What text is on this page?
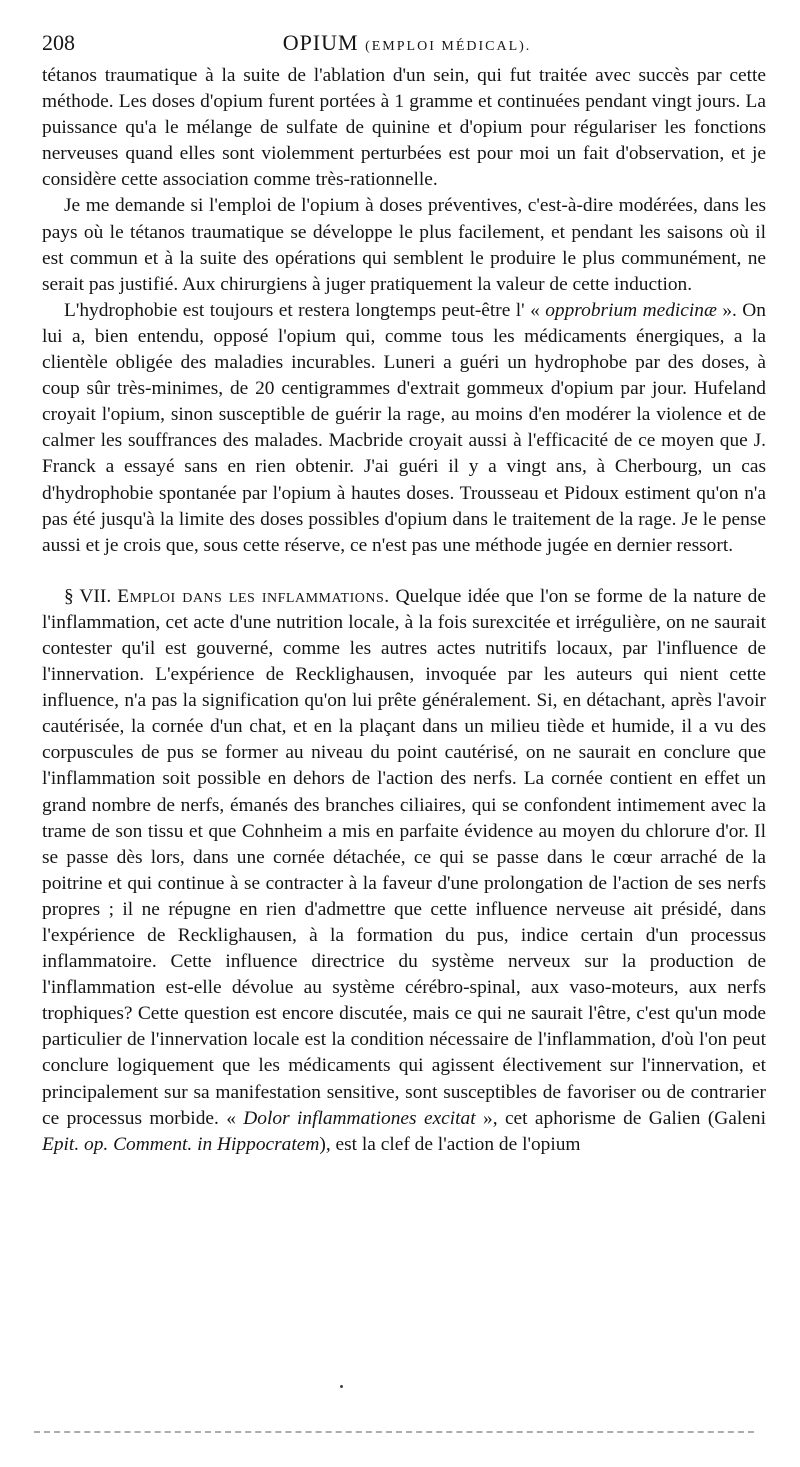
208	OPIUM (EMPLOI MÉDICAL).

tétanos traumatique à la suite de l'ablation d'un sein, qui fut traitée avec succès par cette méthode. Les doses d'opium furent portées à 1 gramme et continuées pendant vingt jours. La puissance qu'a le mélange de sulfate de quinine et d'opium pour régulariser les fonctions nerveuses quand elles sont violemment perturbées est pour moi un fait d'observation, et je considère cette association comme très-rationnelle.

Je me demande si l'emploi de l'opium à doses préventives, c'est-à-dire modérées, dans les pays où le tétanos traumatique se développe le plus facilement, et pendant les saisons où il est commun et à la suite des opérations qui semblent le produire le plus communément, ne serait pas justifié. Aux chirurgiens à juger pratiquement la valeur de cette induction.

L'hydrophobie est toujours et restera longtemps peut-être l' « opprobrium medicinæ ». On lui a, bien entendu, opposé l'opium qui, comme tous les médicaments énergiques, a la clientèle obligée des maladies incurables. Luneri a guéri un hydrophobe par des doses, à coup sûr très-minimes, de 20 centigrammes d'extrait gommeux d'opium par jour. Hufeland croyait l'opium, sinon susceptible de guérir la rage, au moins d'en modérer la violence et de calmer les souffrances des malades. Macbride croyait aussi à l'efficacité de ce moyen que J. Franck a essayé sans en rien obtenir. J'ai guéri il y a vingt ans, à Cherbourg, un cas d'hydrophobie spontanée par l'opium à hautes doses. Trousseau et Pidoux estiment qu'on n'a pas été jusqu'à la limite des doses possibles d'opium dans le traitement de la rage. Je le pense aussi et je crois que, sous cette réserve, ce n'est pas une méthode jugée en dernier ressort.

§ VII. Emploi dans les inflammations. Quelque idée que l'on se forme de la nature de l'inflammation, cet acte d'une nutrition locale, à la fois surexcitée et irrégulière, on ne saurait contester qu'il est gouverné, comme les autres actes nutritifs locaux, par l'influence de l'innervation. L'expérience de Recklighausen, invoquée par les auteurs qui nient cette influence, n'a pas la signification qu'on lui prête généralement. Si, en détachant, après l'avoir cautérisée, la cornée d'un chat, et en la plaçant dans un milieu tiède et humide, il a vu des corpuscules de pus se former au niveau du point cautérisé, on ne saurait en conclure que l'inflammation soit possible en dehors de l'action des nerfs. La cornée contient en effet un grand nombre de nerfs, émanés des branches ciliaires, qui se confondent intimement avec la trame de son tissu et que Cohnheim a mis en parfaite évidence au moyen du chlorure d'or. Il se passe dès lors, dans une cornée détachée, ce qui se passe dans le cœur arraché de la poitrine et qui continue à se contracter à la faveur d'une prolongation de l'action de ses nerfs propres ; il ne répugne en rien d'admettre que cette influence nerveuse ait présidé, dans l'expérience de Recklighausen, à la formation du pus, indice certain d'un processus inflammatoire. Cette influence directrice du système nerveux sur la production de l'inflammation est-elle dévolue au système cérébro-spinal, aux vaso-moteurs, aux nerfs trophiques? Cette question est encore discutée, mais ce qui ne saurait l'être, c'est qu'un mode particulier de l'innervation locale est la condition nécessaire de l'inflammation, d'où l'on peut conclure logiquement que les médicaments qui agissent électivement sur l'innervation, et principalement sur sa manifestation sensitive, sont susceptibles de favoriser ou de contrarier ce processus morbide. « Dolor inflammationes excitat », cet aphorisme de Galien (Galeni Epit. op. Comment. in Hippocratem), est la clef de l'action de l'opium
